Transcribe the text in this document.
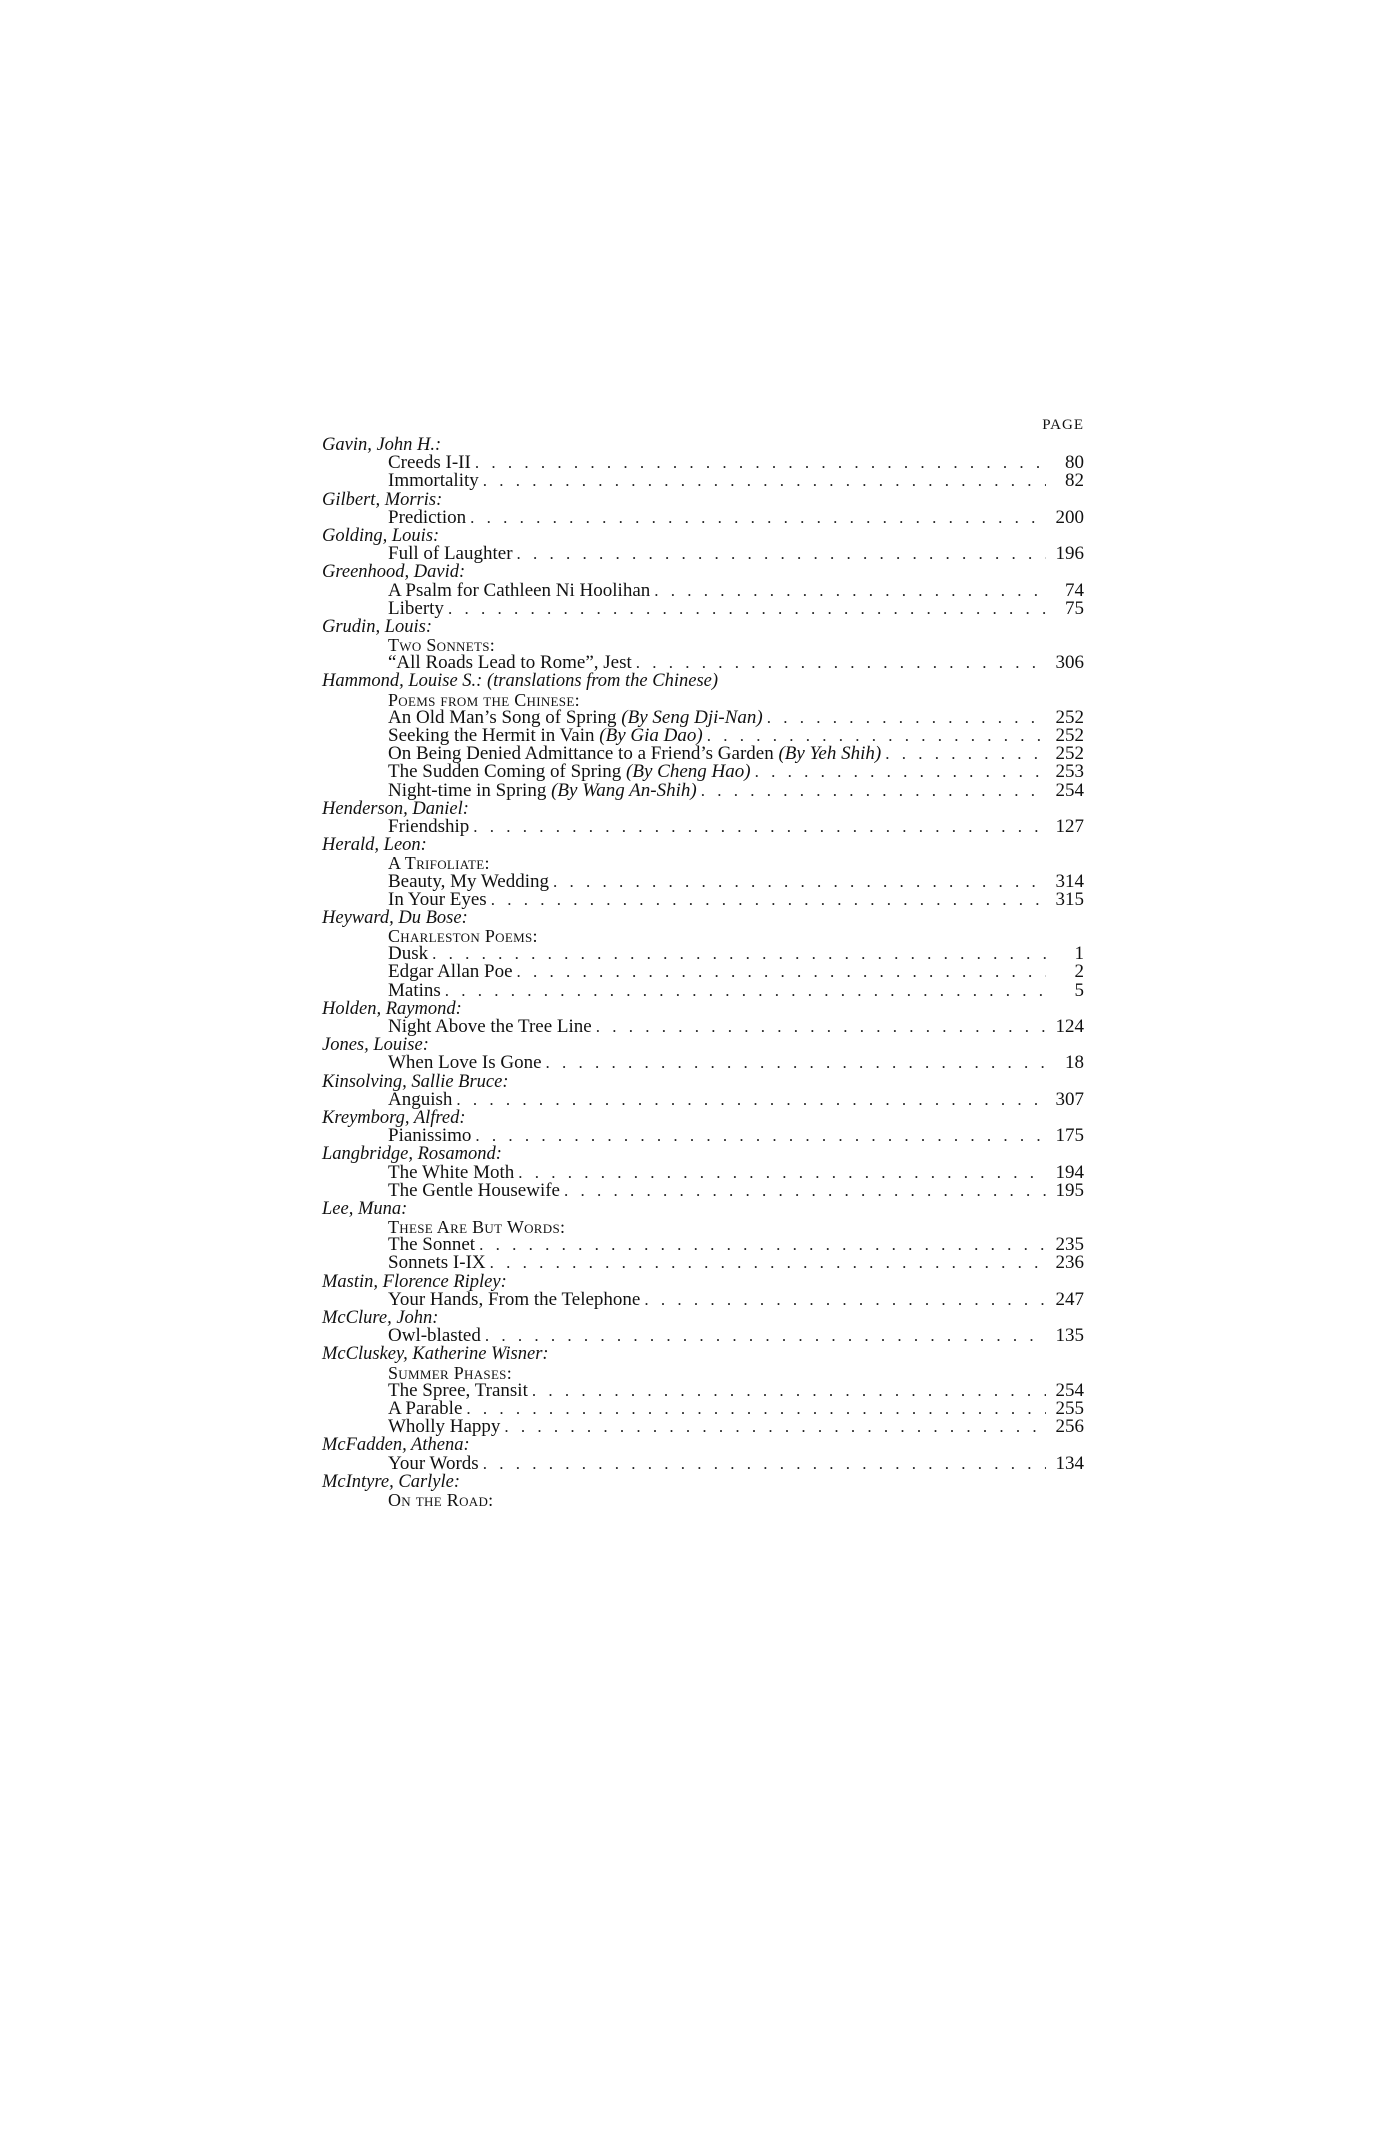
PAGE
Gavin, John H.:
Creeds I-II . . .	80
Immortality . . .	82
Gilbert, Morris:
Prediction . . .	200
Golding, Louis:
Full of Laughter . . .	196
Greenhood, David:
A Psalm for Cathleen Ni Hoolihan . . .	74
Liberty . . .	75
Grudin, Louis:
Two Sonnets:
“All Roads Lead to Rome”, Jest . . .	306
Hammond, Louise S.: (translations from the Chinese)
Poems from the Chinese:
An Old Man’s Song of Spring (By Seng Dji-Nan) . . .	252
Seeking the Hermit in Vain (By Gia Dao) . . .	252
On Being Denied Admittance to a Friend’s Garden (By Yeh Shih) . . .	252
The Sudden Coming of Spring (By Cheng Hao) . . .	253
Night-time in Spring (By Wang An-Shih) . . .	254
Henderson, Daniel:
Friendship . . .	127
Herald, Leon:
A Trifoliate:
Beauty, My Wedding . . .	314
In Your Eyes . . .	315
Heyward, Du Bose:
Charleston Poems:
Dusk . . .	1
Edgar Allan Poe . . .	2
Matins . . .	5
Holden, Raymond:
Night Above the Tree Line . . .	124
Jones, Louise:
When Love Is Gone . . .	18
Kinsolving, Sallie Bruce:
Anguish . . .	307
Kreymborg, Alfred:
Pianissimo . . .	175
Langbridge, Rosamond:
The White Moth . . .	194
The Gentle Housewife . . .	195
Lee, Muna:
These Are But Words:
The Sonnet . . .	235
Sonnets I-IX . . .	236
Mastin, Florence Ripley:
Your Hands, From the Telephone . . .	247
McClure, John:
Owl-blasted . . .	135
McCluskey, Katherine Wisner:
Summer Phases:
The Spree, Transit . . .	254
A Parable . . .	255
Wholly Happy . . .	256
McFadden, Athena:
Your Words . . .	134
McIntyre, Carlyle:
On the Road:
